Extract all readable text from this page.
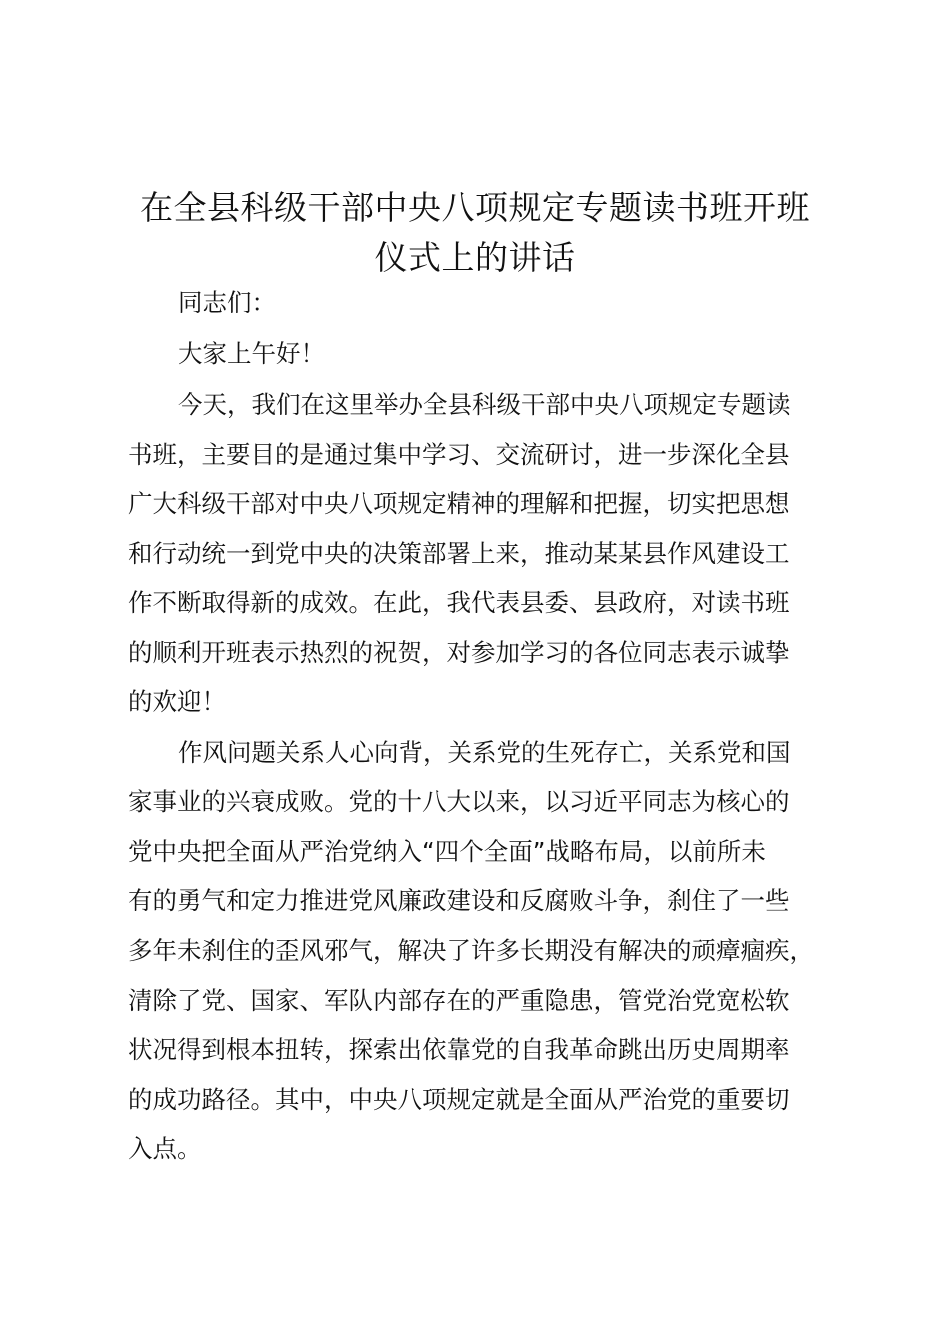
在全县科级干部中央八项规定专题读书班开班
仪式上的讲话

同志们：

大家上午好！

今天，我们在这里举办全县科级干部中央八项规定专题读

书班，主要目的是通过集中学习、交流研讨，进一步深化全县

广大科级干部对中央八项规定精神的理解和把握，切实把思想

和行动统一到党中央的决策部署上来，推动某某县作风建设工

作不断取得新的成效。在此，我代表县委、县政府，对读书班

的顺利开班表示热烈的祝贺，对参加学习的各位同志表示诚挚

的欢迎！

作风问题关系人心向背，关系党的生死存亡，关系党和国

家事业的兴衰成败。党的十八大以来，以习近平同志为核心的

党中央把全面从严治党纳入“四个全面”战略布局，以前所未

有的勇气和定力推进党风廉政建设和反腐败斗争，刹住了一些

多年未刹住的歪风邪气，解决了许多长期没有解决的顽瘴痼疾，

清除了党、国家、军队内部存在的严重隐患，管党治党宽松软

状况得到根本扭转，探索出依靠党的自我革命跳出历史周期率

的成功路径。其中，中央八项规定就是全面从严治党的重要切

入点。
